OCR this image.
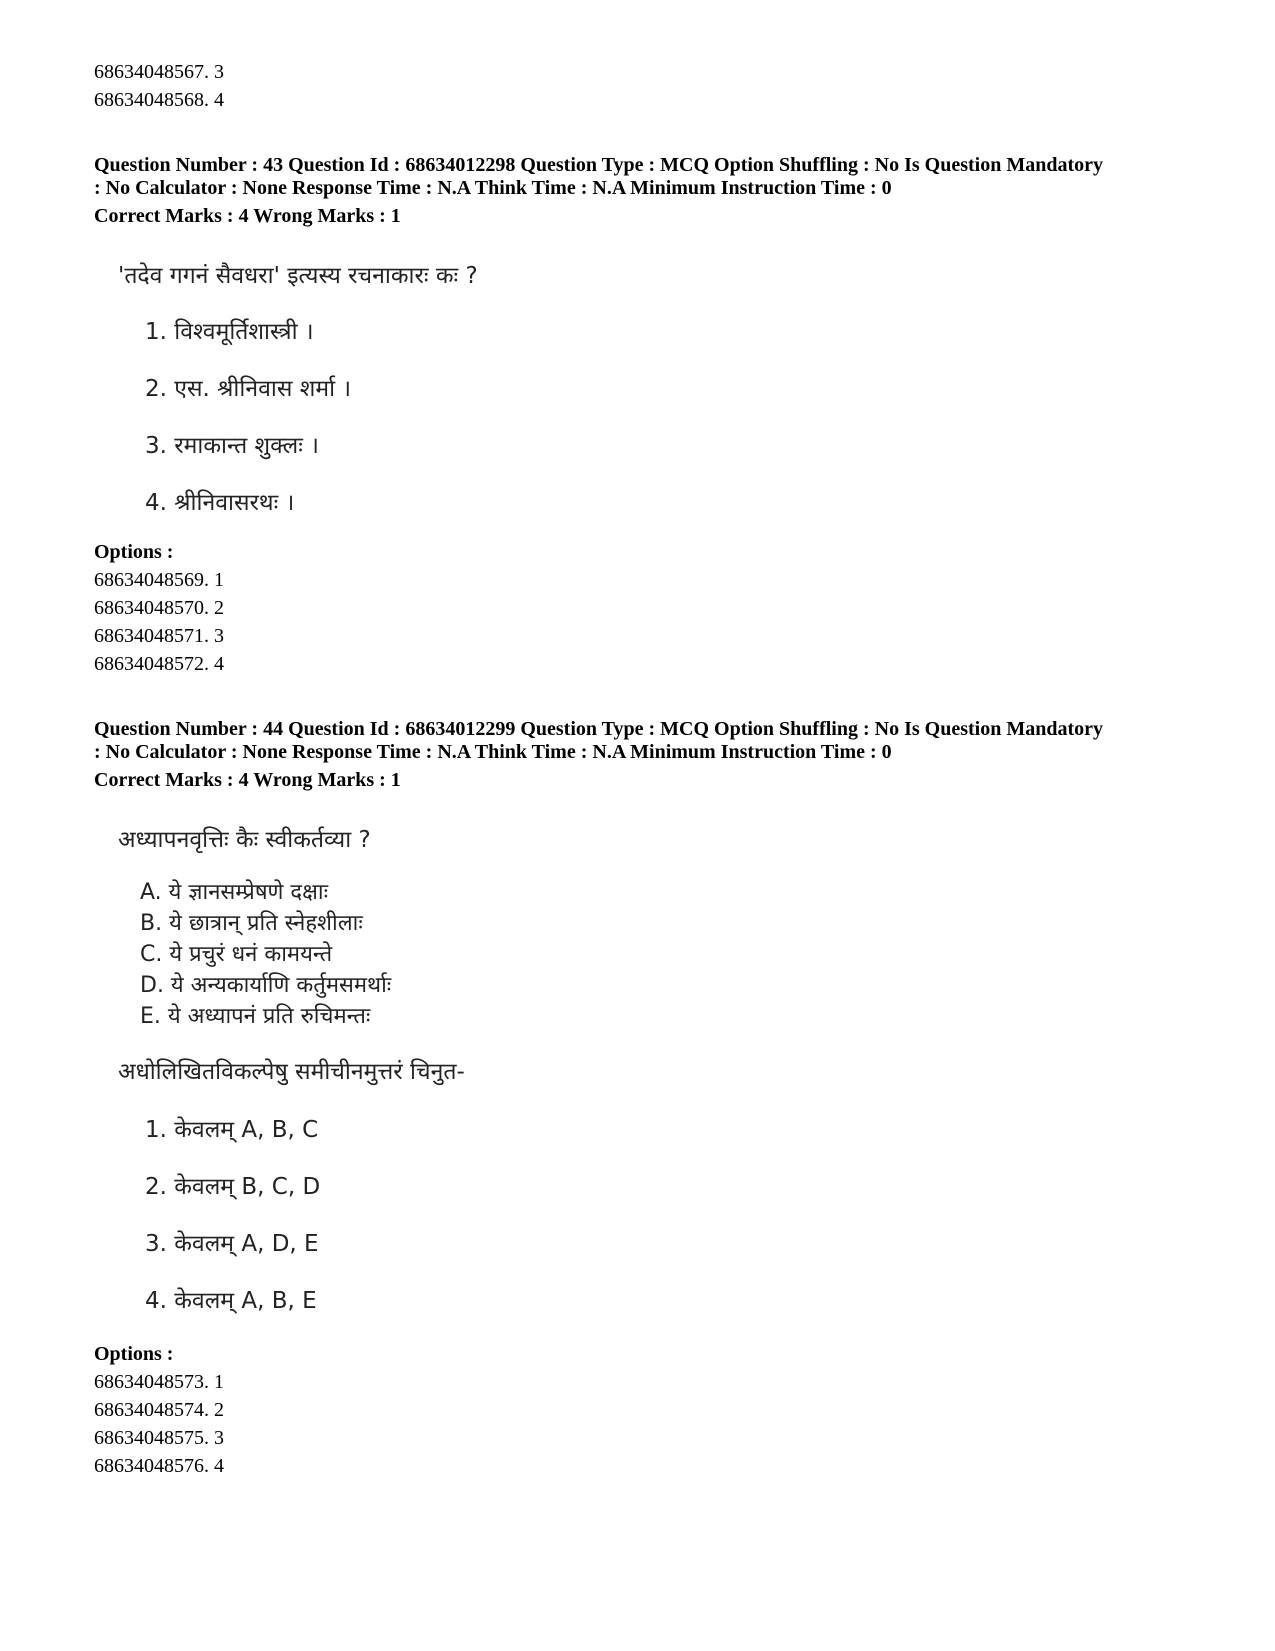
68634048567. 3
68634048568. 4
Question Number : 43 Question Id : 68634012298 Question Type : MCQ Option Shuffling : No Is Question Mandatory
: No Calculator : None Response Time : N.A Think Time : N.A Minimum Instruction Time : 0
Correct Marks : 4 Wrong Marks : 1
'तदेव गगनं सैवधरा' इत्यस्य रचनाकारः कः ?
1. विश्वमूर्तिशास्त्री ।
2. एस. श्रीनिवास शर्मा ।
3. रमाकान्त शुक्लः ।
4. श्रीनिवासरथः ।
Options :
68634048569. 1
68634048570. 2
68634048571. 3
68634048572. 4
Question Number : 44 Question Id : 68634012299 Question Type : MCQ Option Shuffling : No Is Question Mandatory
: No Calculator : None Response Time : N.A Think Time : N.A Minimum Instruction Time : 0
Correct Marks : 4 Wrong Marks : 1
अध्यापनवृत्तिः कैः स्वीकर्तव्या ?
A. ये ज्ञानसम्प्रेषणे दक्षाः
B. ये छात्रान् प्रति स्नेहशीलाः
C. ये प्रचुरं धनं कामयन्ते
D. ये अन्यकार्याणि कर्तुमसमर्थाः
E. ये अध्यापनं प्रति रुचिमन्तः
अधोलिखितविकल्पेषु समीचीनमुत्तरं चिनुत-
1. केवलम् A, B, C
2. केवलम् B, C, D
3. केवलम् A, D, E
4. केवलम् A, B, E
Options :
68634048573. 1
68634048574. 2
68634048575. 3
68634048576. 4
